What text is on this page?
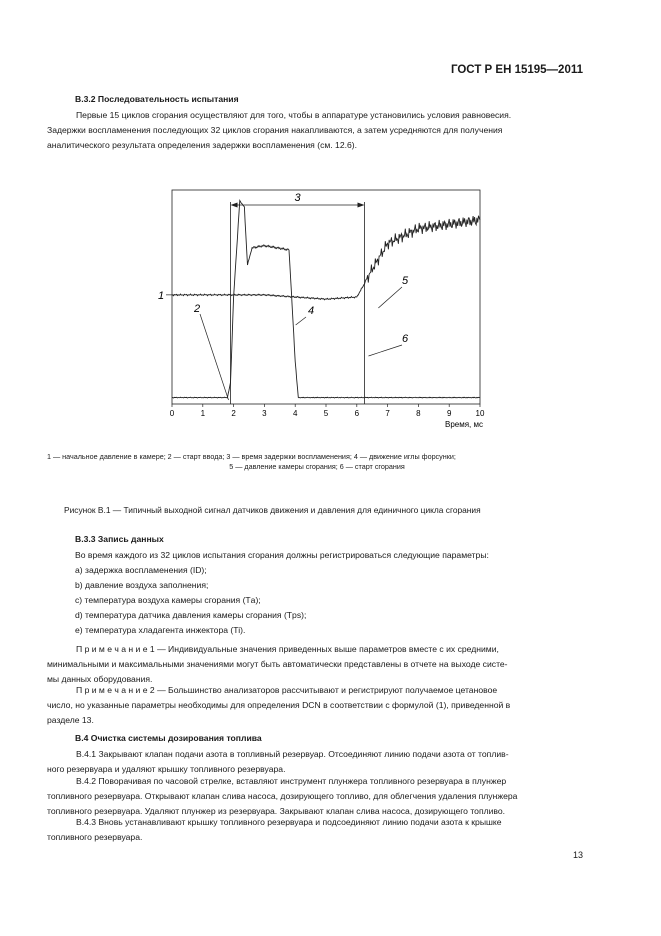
ГОСТ Р ЕН 15195—2011
В.3.2 Последовательность испытания

Первые 15 циклов сгорания осуществляют для того, чтобы в аппаратуре установились условия равновесия.

Задержки воспламенения последующих 32 циклов сгорания накапливаются, а затем усредняются для получения

аналитического результата определения задержки воспламенения (см. 12.6).

0	1	2	3	4	5	6	7	8	9	10
Время, мс
3
1
2	4
5
6
1 — начальное давление в камере; 2 — старт ввода; 3 — время задержки воспламенения; 4 — движение иглы форсунки;
5 — давление камеры сгорания; 6 — старт сгорания
Рисунок В.1 — Типичный выходной сигнал датчиков движения и давления для единичного цикла сгорания
В.3.3 Запись данных

Во время каждого из 32 циклов испытания сгорания должны регистрироваться следующие параметры:

а) задержка воспламенения (ID);

b) давление воздуха заполнения;

c) температура воздуха камеры сгорания (Tа);

d) температура датчика давления камеры сгорания (Tps);

e) температура хладагента инжектора (Ti).

П р и м е ч а н и е 1 — Индивидуальные значения приведенных выше параметров вместе с их средними,

минимальными и максимальными значениями могут быть автоматически представлены в отчете на выходе систе-

мы данных оборудования.

П р и м е ч а н и е 2 — Большинство анализаторов рассчитывают и регистрируют получаемое цетановое

число, но указанные параметры необходимы для определения DCN в соответствии с формулой (1), приведенной в

разделе 13.

В.4 Очистка системы дозирования топлива

В.4.1 Закрывают клапан подачи азота в топливный резервуар. Отсоединяют линию подачи азота от топлив-

ного резервуара и удаляют крышку топливного резервуара.

В.4.2 Поворачивая по часовой стрелке, вставляют инструмент плунжера топливного резервуара в плунжер

топливного резервуара. Открывают клапан слива насоса, дозирующего топливо, для облегчения удаления плунжера

топливного резервуара. Удаляют плунжер из резервуара. Закрывают клапан слива насоса, дозирующего топливо.

В.4.3 Вновь устанавливают крышку топливного резервуара и подсоединяют линию подачи азота к крышке

топливного резервуара.

13
